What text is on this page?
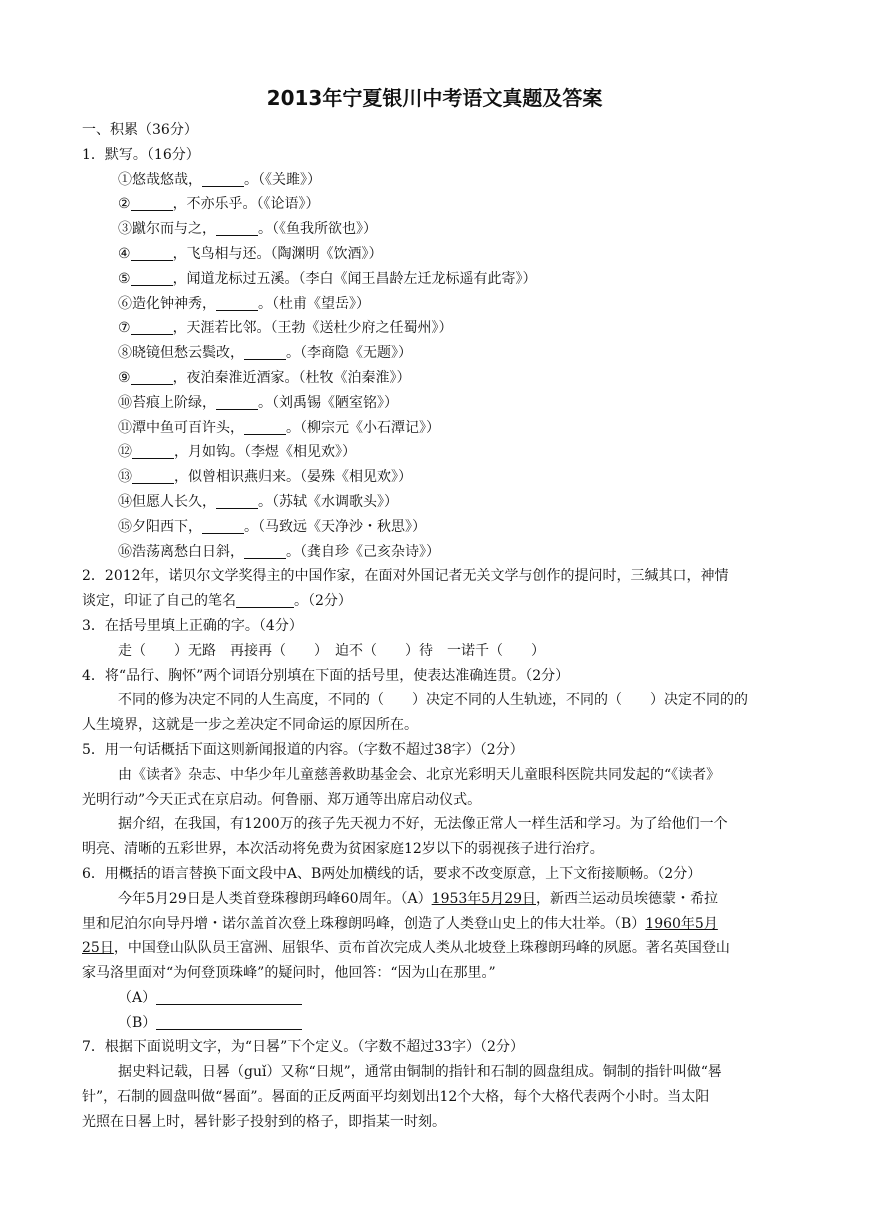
2013年宁夏银川中考语文真题及答案
一、积累（36分）
1．默写。（16分）
①悠哉悠哉，	。（《关雎》）
②	，不亦乐乎。（《论语》）
③蹴尔而与之，	。（《鱼我所欲也》）
④	，飞鸟相与还。（陶渊明《饮酒》）
⑤	，闻道龙标过五溪。（李白《闻王昌龄左迁龙标遥有此寄》）
⑥造化钟神秀，	。（杜甫《望岳》）
⑦	，天涯若比邻。（王勃《送杜少府之任蜀州》）
⑧晓镜但愁云鬓改，	。（李商隐《无题》）
⑨	，夜泊秦淮近酒家。（杜牧《泊秦淮》）
⑩苔痕上阶绿，	。（刘禹锡《陋室铭》）
⑪潭中鱼可百许头，	。（柳宗元《小石潭记》）
⑫	，月如钩。（李煜《相见欢》）
⑬	，似曾相识燕归来。（晏殊《相见欢》）
⑭但愿人长久，	。（苏轼《水调歌头》）
⑮夕阳西下，	。（马致远《天净沙・秋思》）
⑯浩荡离愁白日斜，	。（龚自珍《己亥杂诗》）
2．2012年，诺贝尔文学奖得主的中国作家，在面对外国记者无关文学与创作的提问时，三缄其口，神情
谈定，印证了自己的笔名	。（2分）
3．在括号里填上正确的字。（4分）
走（　　）无路　再接再（　　）　迫不（　　）待　一诺千（　　）
4．将“品行、胸怀”两个词语分别填在下面的括号里，使表达准确连贯。（2分）
不同的修为决定不同的人生高度，不同的（　　）决定不同的人生轨迹，不同的（　　）决定不同的的
人生境界，这就是一步之差决定不同命运的原因所在。
5．用一句话概括下面这则新闻报道的内容。（字数不超过38字）（2分）
由《读者》杂志、中华少年儿童慈善救助基金会、北京光彩明天儿童眼科医院共同发起的“《读者》
光明行动”今天正式在京启动。何鲁丽、郑万通等出席启动仪式。
据介绍，在我国，有1200万的孩子先天视力不好，无法像正常人一样生活和学习。为了给他们一个
明亮、清晰的五彩世界，本次活动将免费为贫困家庭12岁以下的弱视孩子进行治疗。
6．用概括的语言替换下面文段中A、B两处加横线的话，要求不改变原意，上下文衔接顺畅。（2分）
今年5月29日是人类首登珠穆朗玛峰60周年。（A）1953年5月29日，新西兰运动员埃德蒙・希拉
里和尼泊尔向导丹增・诺尔盖首次登上珠穆朗吗峰，创造了人类登山史上的伟大壮举。（B）1960年5月
25日，中国登山队队员王富洲、屈银华、贡布首次完成人类从北坡登上珠穆朗玛峰的夙愿。著名英国登山
家马洛里面对“为何登顶珠峰”的疑问时，他回答：“因为山在那里。”
（A）
（B）
7．根据下面说明文字，为“日晷”下个定义。（字数不超过33字）（2分）
据史料记载，日晷（guǐ）又称“日规”，通常由铜制的指针和石制的圆盘组成。铜制的指针叫做“晷
针”，石制的圆盘叫做“晷面”。晷面的正反两面平均刻划出12个大格，每个大格代表两个小时。当太阳
光照在日晷上时，晷针影子投射到的格子，即指某一时刻。
